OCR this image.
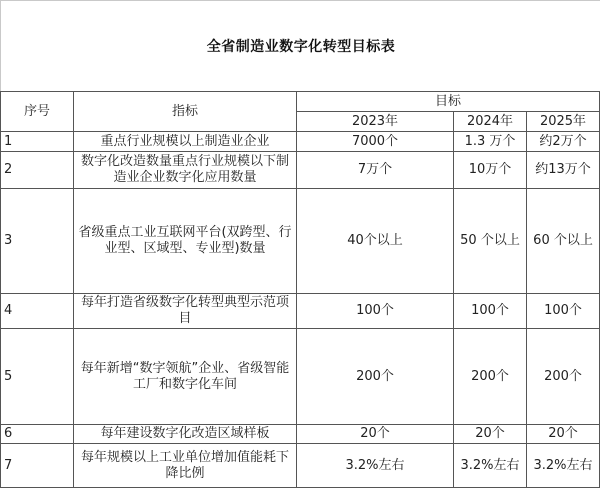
全省制造业数字化转型目标表
序号	指标	目标		
		2023年	2024年	2025年
1	重点行业规模以上制造业企业	7000个	1.3 万个	约2万个
2	数字化改造数量重点行业规模以下制造业企业数字化应用数量	7万个	10万个	约13万个
3	省级重点工业互联网平台(双跨型、行业型、区域型、专业型)数量	40个以上	50 个以上	60 个以上
4	每年打造省级数字化转型典型示范项目	100个	100个	100个
5	每年新增“数字领航”企业、省级智能工厂和数字化车间	200个	200个	200个
6	每年建设数字化改造区域样板	20个	20个	20个
7	每年规模以上工业单位增加值能耗下降比例	3.2%左右	3.2%左右	3.2%左右
